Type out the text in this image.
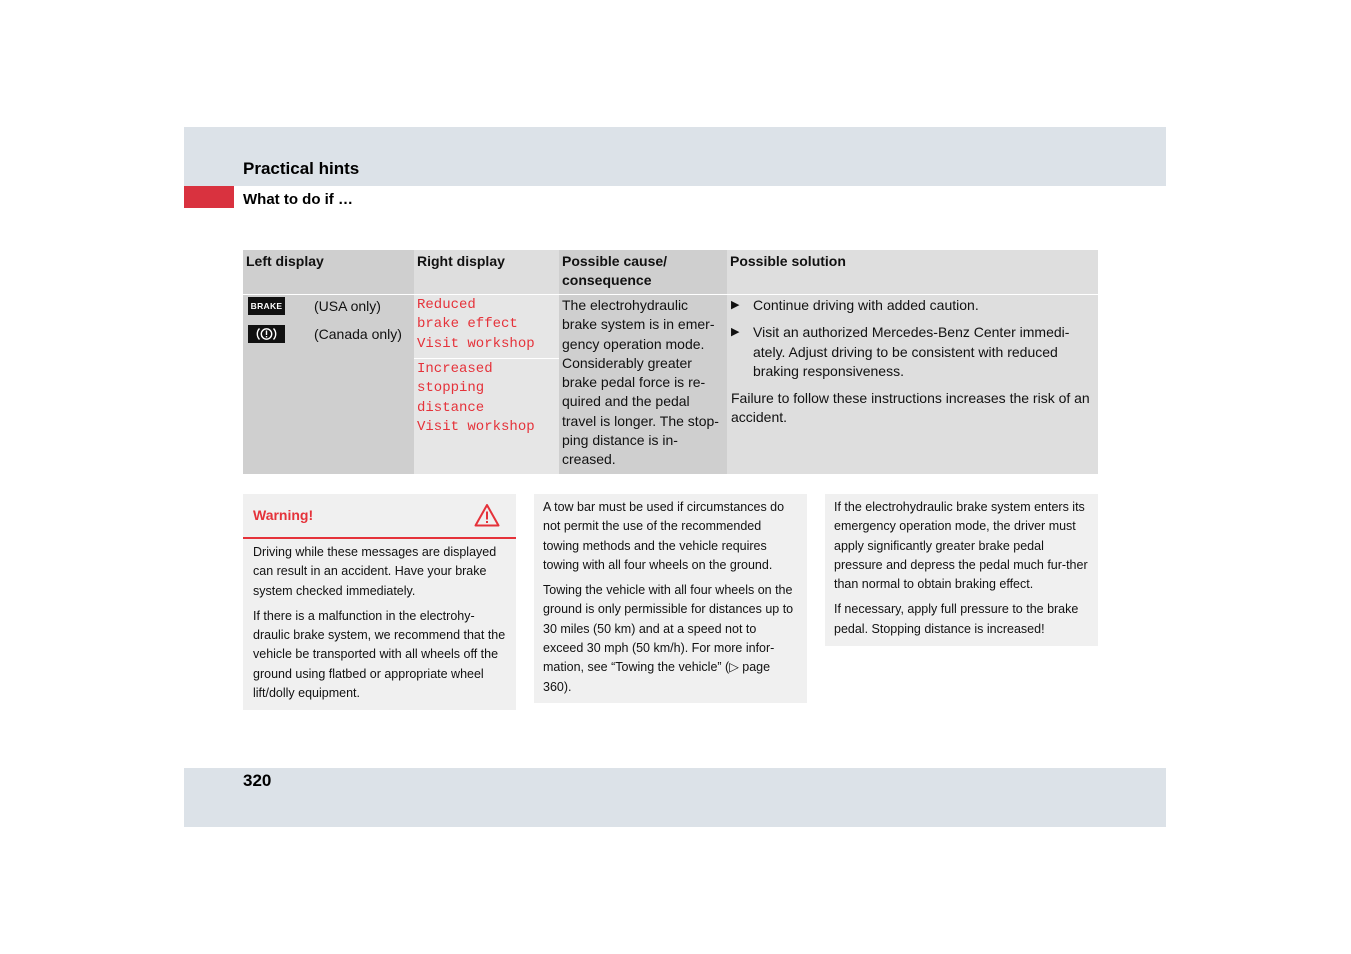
Practical hints
What to do if …
Left display	Right display	Possible cause/ consequence
Possible solution
BRAKE (USA only)
(Canada only)
Reduced
brake effect
Visit workshop
Increased
stopping distance
Visit workshop
The electrohydraulic brake system is in emer-gency operation mode. Considerably greater brake pedal force is re-quired and the pedal travel is longer. The stop-ping distance is in-creased.
▶ Continue driving with added caution.
▶ Visit an authorized Mercedes-Benz Center immedi-ately. Adjust driving to be consistent with reduced braking responsiveness.
Failure to follow these instructions increases the risk of an accident.
Warning!

Driving while these messages are displayed can result in an accident. Have your brake system checked immediately.

If there is a malfunction in the electrohy-draulic brake system, we recommend that the vehicle be transported with all wheels off the ground using flatbed or appropriate wheel lift/dolly equipment.

A tow bar must be used if circumstances do not permit the use of the recommended towing methods and the vehicle requires towing with all four wheels on the ground.

Towing the vehicle with all four wheels on the ground is only permissible for distances up to 30 miles (50 km) and at a speed not to exceed 30 mph (50 km/h). For more infor-mation, see “Towing the vehicle” (▷ page 360).

If the electrohydraulic brake system enters its emergency operation mode, the driver must apply significantly greater brake pedal pressure and depress the pedal much fur-ther than normal to obtain braking effect.

If necessary, apply full pressure to the brake pedal. Stopping distance is increased!

320
